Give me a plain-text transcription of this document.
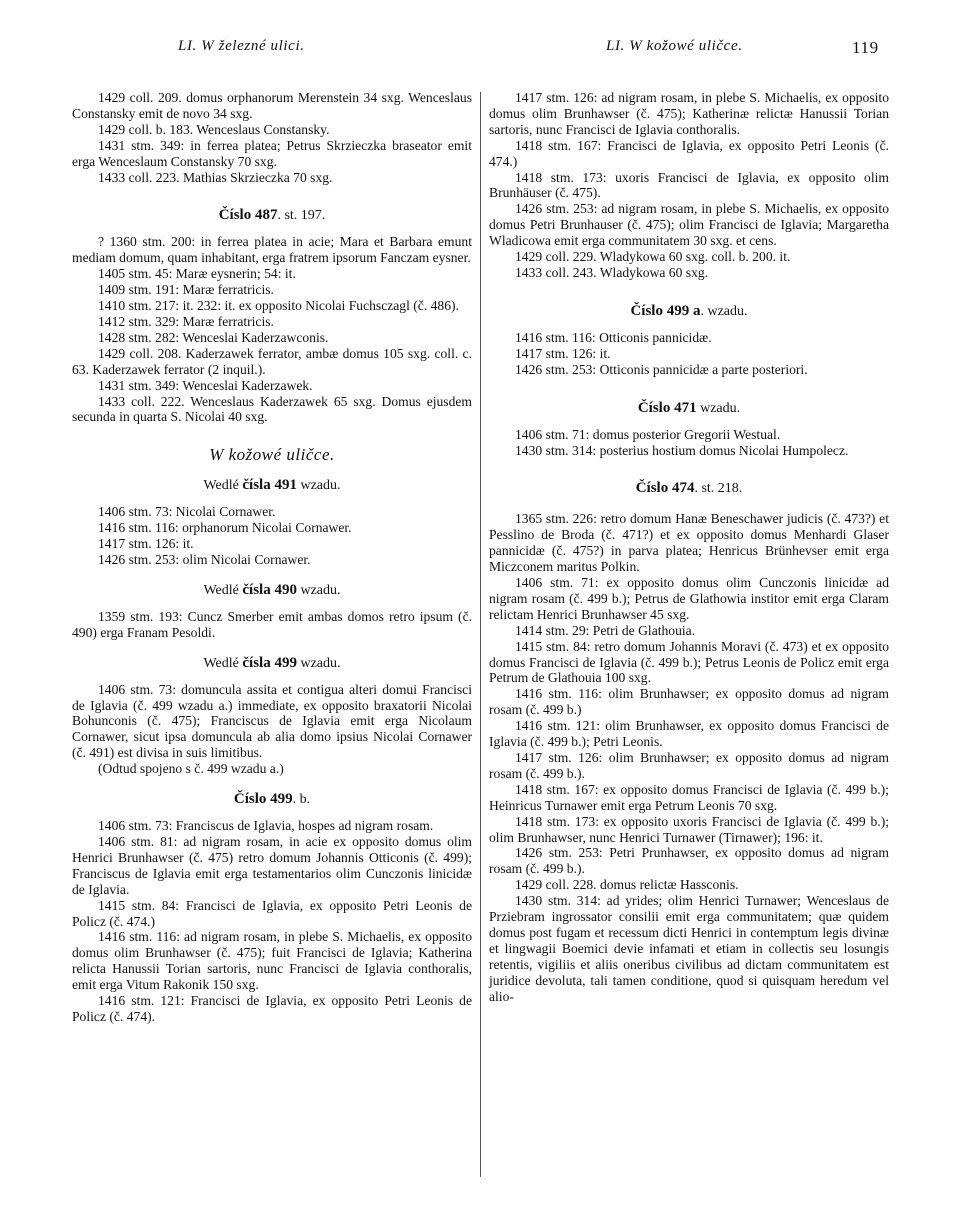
LI. W železné ulici.	LI. W kožowé uličce.	119

1429 coll. 209. domus orphanorum Merenstein 34 sxg. Wenceslaus Constansky emit de novo 34 sxg.

1429 coll. b. 183. Wenceslaus Constansky.

1431 stm. 349: in ferrea platea; Petrus Skrzieczka braseator emit erga Wenceslaum Constansky 70 sxg.

1433 coll. 223. Mathias Skrzieczka 70 sxg.

Číslo 487. st. 197.

? 1360 stm. 200: in ferrea platea in acie; Mara et Barbara emunt mediam domum, quam inhabitant, erga fratrem ipsorum Fanczam eysner.

1405 stm. 45: Maræ eysnerin; 54: it.

1409 stm. 191: Maræ ferratricis.

1410 stm. 217: it. 232: it. ex opposito Nicolai Fuchsczagl (č. 486).

1412 stm. 329: Maræ ferratricis.

1428 stm. 282: Wenceslai Kaderzawconis.

1429 coll. 208. Kaderzawek ferrator, ambæ domus 105 sxg. coll. c. 63. Kaderzawek ferrator (2 inquil.).

1431 stm. 349: Wenceslai Kaderzawek.

1433 coll. 222. Wenceslaus Kaderzawek 65 sxg. Domus ejusdem secunda in quarta S. Nicolai 40 sxg.

W kožowé uličce.

Wedlé čísla 491 wzadu.

1406 stm. 73: Nicolai Cornawer.

1416 stm. 116: orphanorum Nicolai Cornawer.

1417 stm. 126: it.

1426 stm. 253: olim Nicolai Cornawer.

Wedlé čísla 490 wzadu.

1359 stm. 193: Cuncz Smerber emit ambas domos retro ipsum (č. 490) erga Franam Pesoldi.

Wedlé čísla 499 wzadu.

1406 stm. 73: domuncula assita et contigua alteri domui Francisci de Iglavia (č. 499 wzadu a.) immediate, ex opposito braxatorii Nicolai Bohunconis (č. 475); Franciscus de Iglavia emit erga Nicolaum Cornawer, sicut ipsa domuncula ab alia domo ipsius Nicolai Cornawer (č. 491) est divisa in suis limitibus.

(Odtud spojeno s č. 499 wzadu a.)

Číslo 499. b.

1406 stm. 73: Franciscus de Iglavia, hospes ad nigram rosam.

1406 stm. 81: ad nigram rosam, in acie ex opposito domus olim Henrici Brunhawser (č. 475) retro domum Johannis Otticonis (č. 499); Franciscus de Iglavia emit erga testamentarios olim Cunczonis linicidæ de Iglavia.

1415 stm. 84: Francisci de Iglavia, ex opposito Petri Leonis de Policz (č. 474.)

1416 stm. 116: ad nigram rosam, in plebe S. Michaelis, ex opposito domus olim Brunhawser (č. 475); fuit Francisci de Iglavia; Katherina relicta Hanussii Torian sartoris, nunc Francisci de Iglavia conthoralis, emit erga Vitum Rakonik 150 sxg.

1416 stm. 121: Francisci de Iglavia, ex opposito Petri Leonis de Policz (č. 474).

1417 stm. 126: ad nigram rosam, in plebe S. Michaelis, ex opposito domus olim Brunhawser (č. 475); Katherinæ relictæ Hanussii Torian sartoris, nunc Francisci de Iglavia conthoralis.

1418 stm. 167: Francisci de Iglavia, ex opposito Petri Leonis (č. 474.)

1418 stm. 173: uxoris Francisci de Iglavia, ex opposito olim Brunhäuser (č. 475).

1426 stm. 253: ad nigram rosam, in plebe S. Michaelis, ex opposito domus Petri Brunhauser (č. 475); olim Francisci de Iglavia; Margaretha Wladicowa emit erga communitatem 30 sxg. et cens.

1429 coll. 229. Wladykowa 60 sxg. coll. b. 200. it.

1433 coll. 243. Wladykowa 60 sxg.

Číslo 499 a. wzadu.

1416 stm. 116: Otticonis pannicidæ.

1417 stm. 126: it.

1426 stm. 253: Otticonis pannicidæ a parte posteriori.

Číslo 471 wzadu.

1406 stm. 71: domus posterior Gregorii Westual.

1430 stm. 314: posterius hostium domus Nicolai Humpolecz.

Číslo 474. st. 218.

1365 stm. 226: retro domum Hanæ Beneschawer judicis (č. 473?) et Pesslino de Broda (č. 471?) et ex opposito domus Menhardi Glaser pannicidæ (č. 475?) in parva platea; Henricus Brünhevser emit erga Miczconem maritus Polkin.

1406 stm. 71: ex opposito domus olim Cunczonis linicidæ ad nigram rosam (č. 499 b.); Petrus de Glathowia institor emit erga Claram relictam Henrici Brunhawser 45 sxg.

1414 stm. 29: Petri de Glathouia.

1415 stm. 84: retro domum Johannis Moravi (č. 473) et ex opposito domus Francisci de Iglavia (č. 499 b.); Petrus Leonis de Policz emit erga Petrum de Glathouia 100 sxg.

1416 stm. 116: olim Brunhawser; ex opposito domus ad nigram rosam (č. 499 b.)

1416 stm. 121: olim Brunhawser, ex opposito domus Francisci de Iglavia (č. 499 b.); Petri Leonis.

1417 stm. 126: olim Brunhawser; ex opposito domus ad nigram rosam (č. 499 b.).

1418 stm. 167: ex opposito domus Francisci de Iglavia (č. 499 b.); Heinricus Turnawer emit erga Petrum Leonis 70 sxg.

1418 stm. 173: ex opposito uxoris Francisci de Iglavia (č. 499 b.); olim Brunhawser, nunc Henrici Turnawer (Tirnawer); 196: it.

1426 stm. 253: Petri Prunhawser, ex opposito domus ad nigram rosam (č. 499 b.).

1429 coll. 228. domus relictæ Hassconis.

1430 stm. 314: ad yrides; olim Henrici Turnawer; Wenceslaus de Prziebram ingrossator consilii emit erga communitatem; quæ quidem domus post fugam et recessum dicti Henrici in contemptum legis divinæ et lingwagii Boemici devie infamati et etiam in collectis seu losungis retentis, vigiliis et aliis oneribus civilibus ad dictam communitatem est juridice devoluta, tali tamen conditione, quod si quisquam heredum vel alio-
